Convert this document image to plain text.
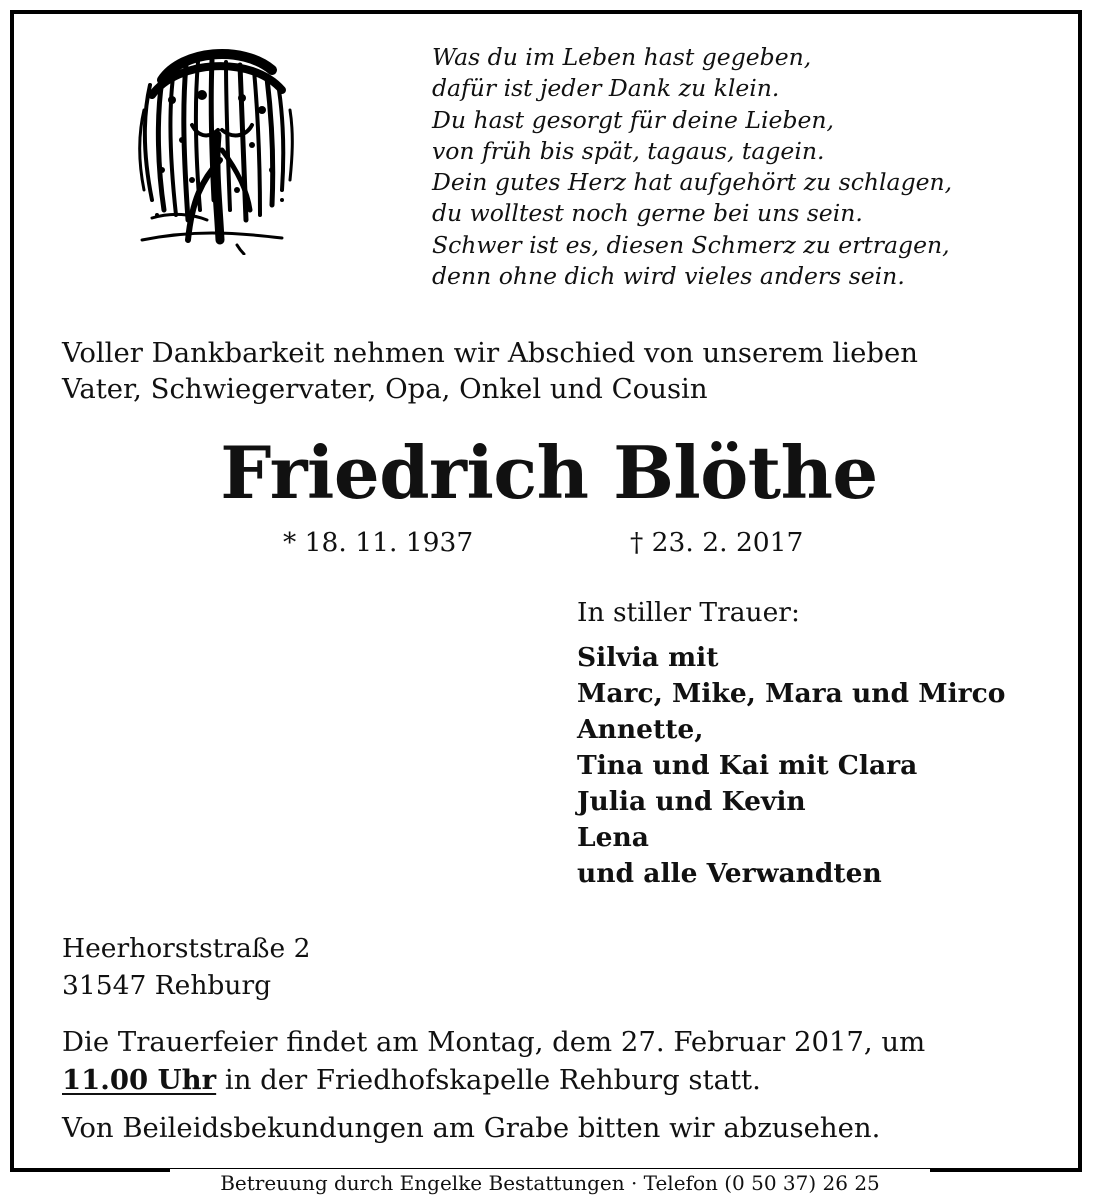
Was du im Leben hast gegeben,
dafür ist jeder Dank zu klein.
Du hast gesorgt für deine Lieben,
von früh bis spät, tagaus, tagein.
Dein gutes Herz hat aufgehört zu schlagen,
du wolltest noch gerne bei uns sein.
Schwer ist es, diesen Schmerz zu ertragen,
denn ohne dich wird vieles anders sein.
Voller Dankbarkeit nehmen wir Abschied von unserem lieben
Vater, Schwiegervater, Opa, Onkel und Cousin
Friedrich Blöthe
* 18. 11. 1937	† 23. 2. 2017
In stiller Trauer:
Silvia mit
Marc, Mike, Mara und Mirco
Annette,
Tina und Kai mit Clara
Julia und Kevin
Lena
und alle Verwandten
Heerhorststraße 2
31547 Rehburg
Die Trauerfeier findet am Montag, dem 27. Februar 2017, um
11.00 Uhr in der Friedhofskapelle Rehburg statt.
Von Beileidsbekundungen am Grabe bitten wir abzusehen.
Betreuung durch Engelke Bestattungen · Telefon (0 50 37) 26 25
